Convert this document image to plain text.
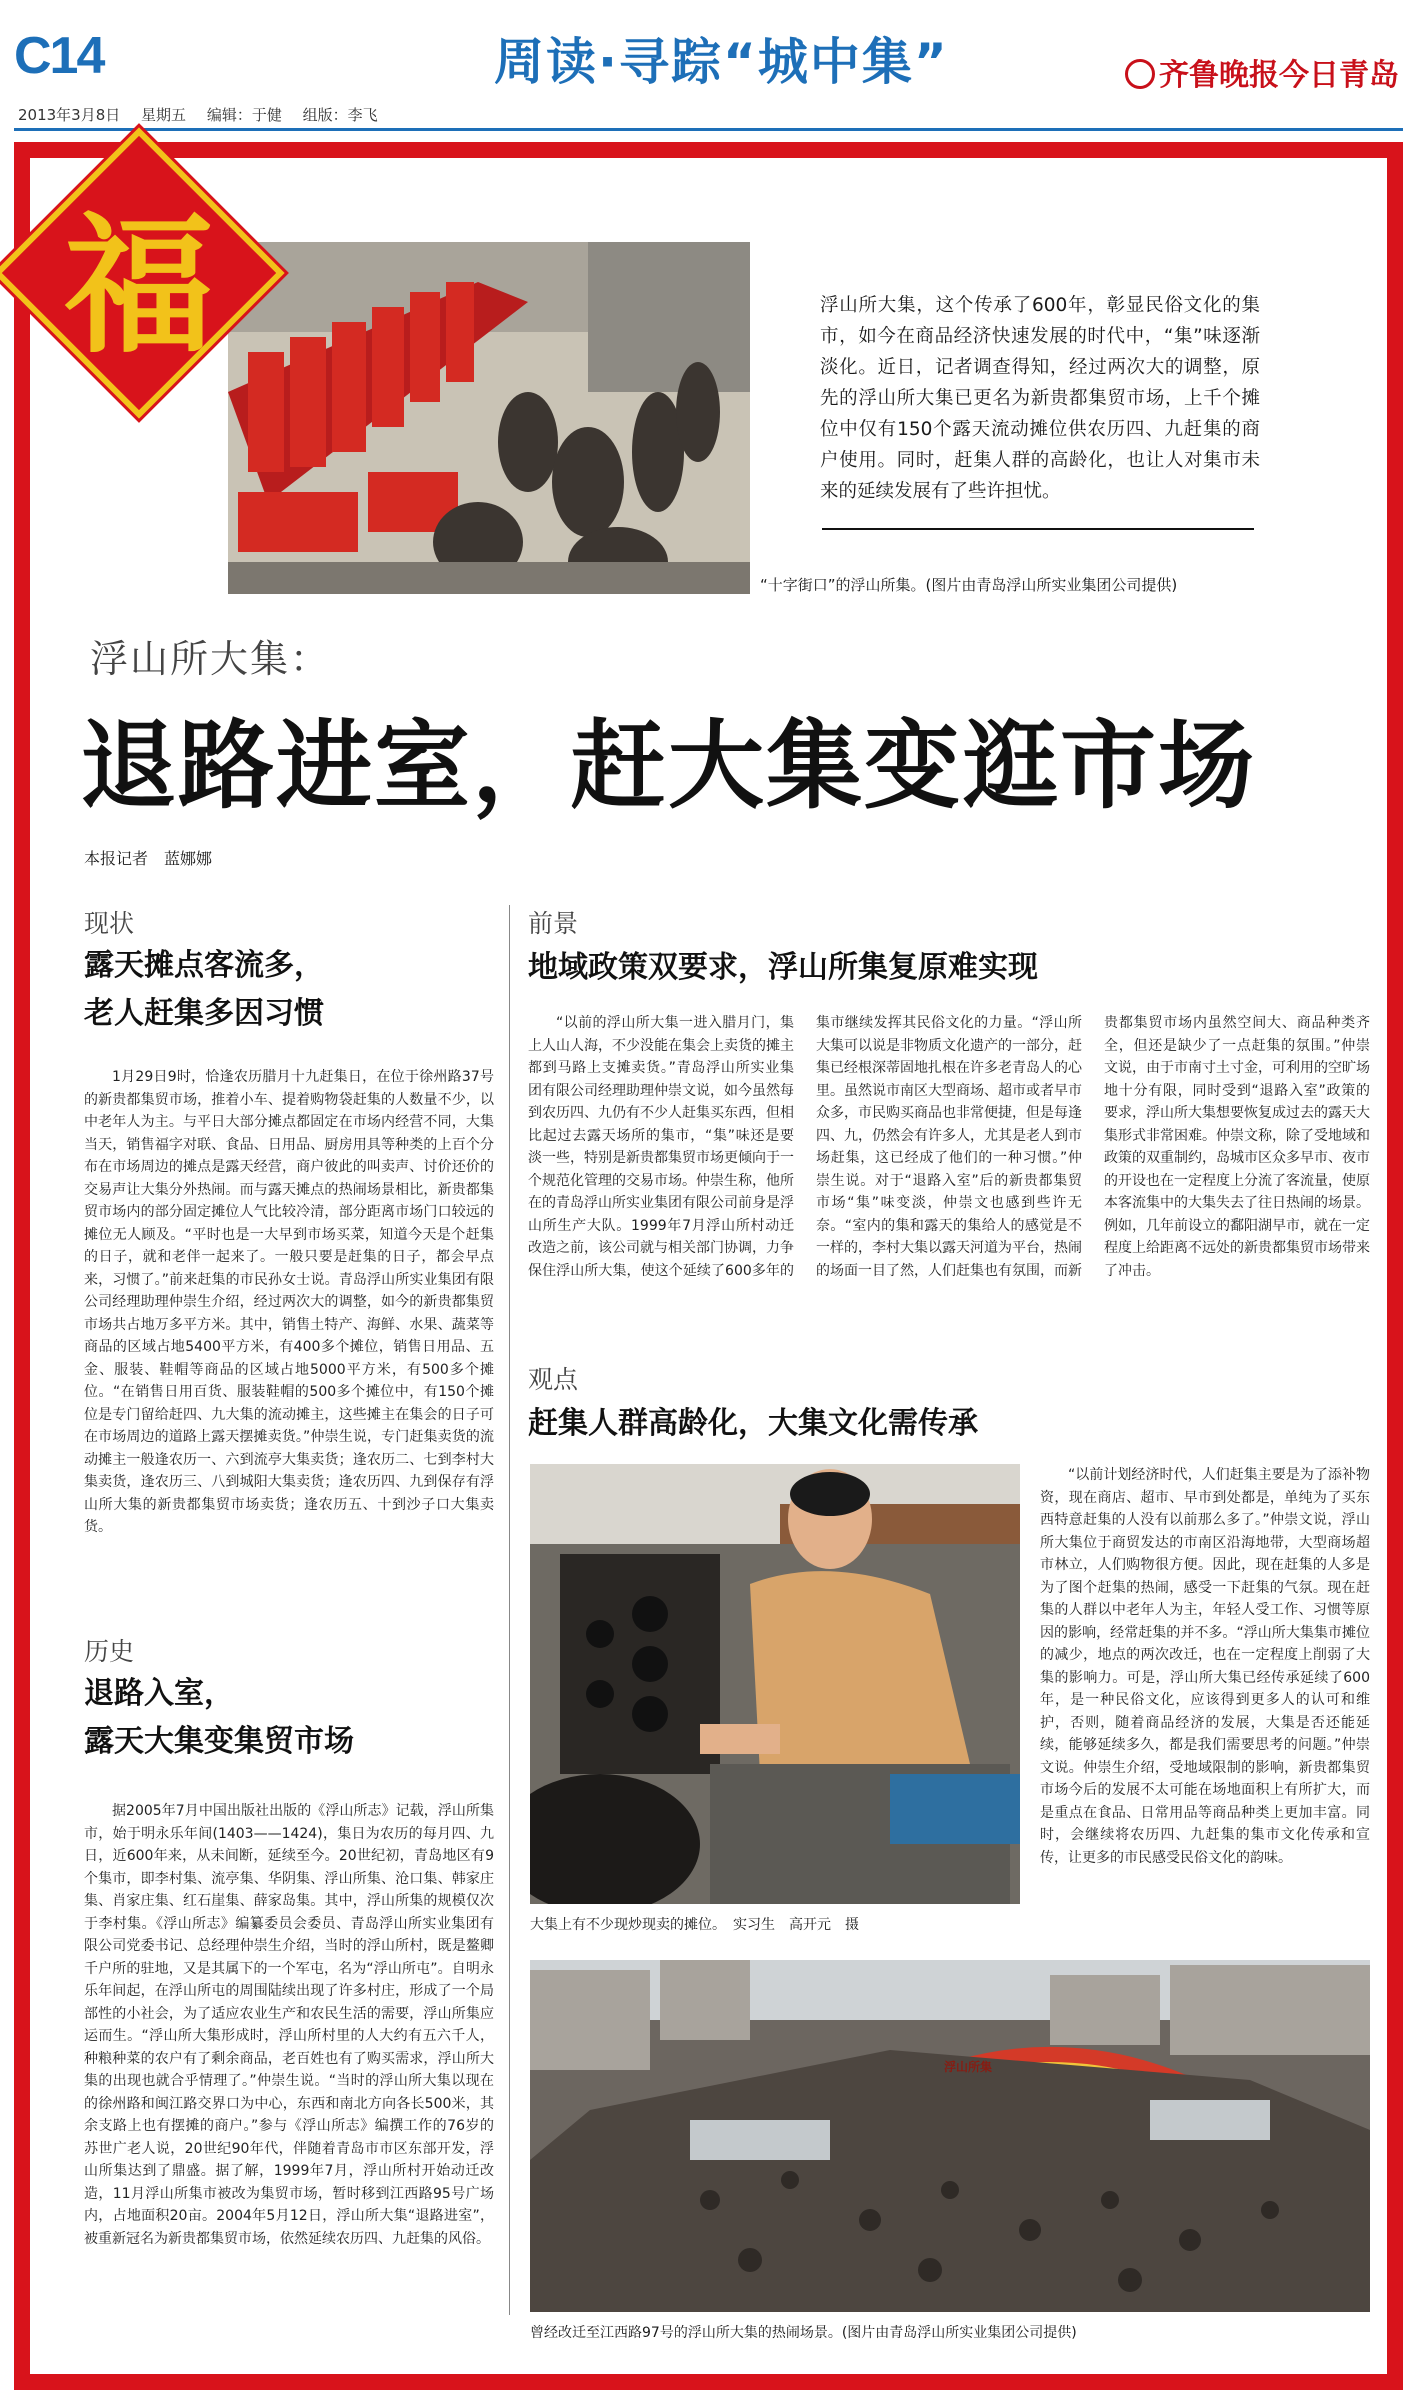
C14	周读·寻踪“城中集”	齐鲁晚报今日青岛
2013年3月8日 星期五 编辑：于健 组版：李飞
福	浮山所大集，这个传承了600年，彰显民俗文化的集市，如今在商品经济快速发展的时代中，“集”味逐渐淡化。近日，记者调查得知，经过两次大的调整，原先的浮山所大集已更名为新贵都集贸市场，上千个摊位中仅有150个露天流动摊位供农历四、九赶集的商户使用。同时，赶集人群的高龄化，也让人对集市未来的延续发展有了些许担忧。
“十字街口”的浮山所集。(图片由青岛浮山所实业集团公司提供)
浮山所大集：
退路进室，赶大集变逛市场
本报记者　蓝娜娜
现状
露天摊点客流多，
老人赶集多因习惯

1月29日9时，恰逢农历腊月十九赶集日，在位于徐州路37号的新贵都集贸市场，推着小车、提着购物袋赶集的人数量不少，以中老年人为主。与平日大部分摊点都固定在市场内经营不同，大集当天，销售福字对联、食品、日用品、厨房用具等种类的上百个分布在市场周边的摊点是露天经营，商户彼此的叫卖声、讨价还价的交易声让大集分外热闹。而与露天摊点的热闹场景相比，新贵都集贸市场内的部分固定摊位人气比较冷清，部分距离市场门口较远的摊位无人顾及。“平时也是一大早到市场买菜，知道今天是个赶集的日子，就和老伴一起来了。一般只要是赶集的日子，都会早点来，习惯了。”前来赶集的市民孙女士说。青岛浮山所实业集团有限公司经理助理仲崇生介绍，经过两次大的调整，如今的新贵都集贸市场共占地万多平方米。其中，销售土特产、海鲜、水果、蔬菜等商品的区域占地5400平方米，有400多个摊位，销售日用品、五金、服装、鞋帽等商品的区域占地5000平方米，有500多个摊位。“在销售日用百货、服装鞋帽的500多个摊位中，有150个摊位是专门留给赶四、九大集的流动摊主，这些摊主在集会的日子可在市场周边的道路上露天摆摊卖货。”仲崇生说，专门赶集卖货的流动摊主一般逢农历一、六到流亭大集卖货；逢农历二、七到李村大集卖货，逢农历三、八到城阳大集卖货；逢农历四、九到保存有浮山所大集的新贵都集贸市场卖货；逢农历五、十到沙子口大集卖货。

历史
退路入室，
露天大集变集贸市场

据2005年7月中国出版社出版的《浮山所志》记载，浮山所集市，始于明永乐年间(1403——1424)，集日为农历的每月四、九日，近600年来，从未间断，延续至今。20世纪初，青岛地区有9个集市，即李村集、流亭集、华阴集、浮山所集、沧口集、韩家庄集、肖家庄集、红石崖集、薛家岛集。其中，浮山所集的规模仅次于李村集。《浮山所志》编纂委员会委员、青岛浮山所实业集团有限公司党委书记、总经理仲崇生介绍，当时的浮山所村，既是鳌卿千户所的驻地，又是其属下的一个军屯，名为“浮山所屯”。自明永乐年间起，在浮山所屯的周围陆续出现了许多村庄，形成了一个局部性的小社会，为了适应农业生产和农民生活的需要，浮山所集应运而生。“浮山所大集形成时，浮山所村里的人大约有五六千人，种粮种菜的农户有了剩余商品，老百姓也有了购买需求，浮山所大集的出现也就合乎情理了。”仲崇生说。“当时的浮山所大集以现在的徐州路和闽江路交界口为中心，东西和南北方向各长500米，其余支路上也有摆摊的商户。”参与《浮山所志》编撰工作的76岁的苏世广老人说，20世纪90年代，伴随着青岛市市区东部开发，浮山所集达到了鼎盛。据了解，1999年7月，浮山所村开始动迁改造，11月浮山所集市被改为集贸市场，暂时移到江西路95号广场内，占地面积20亩。2004年5月12日，浮山所大集“退路进室”，被重新冠名为新贵都集贸市场，依然延续农历四、九赶集的风俗。

前景
地域政策双要求，浮山所集复原难实现

“以前的浮山所大集一进入腊月门，集上人山人海，不少没能在集会上卖货的摊主都到马路上支摊卖货。”青岛浮山所实业集团有限公司经理助理仲崇文说，如今虽然每到农历四、九仍有不少人赶集买东西，但相比起过去露天场所的集市，“集”味还是要淡一些，特别是新贵都集贸市场更倾向于一个规范化管理的交易市场。仲崇生称，他所在的青岛浮山所实业集团有限公司前身是浮山所生产大队。1999年7月浮山所村动迁改造之前，该公司就与相关部门协调，力争保住浮山所大集，使这个延续了600多年的集市继续发挥其民俗文化的力量。“浮山所大集可以说是非物质文化遗产的一部分，赶集已经根深蒂固地扎根在许多老青岛人的心里。虽然说市南区大型商场、超市或者早市众多，市民购买商品也非常便捷，但是每逢四、九，仍然会有许多人，尤其是老人到市场赶集，这已经成了他们的一种习惯。”仲崇生说。对于“退路入室”后的新贵都集贸市场“集”味变淡，仲崇文也感到些许无奈。“室内的集和露天的集给人的感觉是不一样的，李村大集以露天河道为平台，热闹的场面一目了然，人们赶集也有氛围，而新贵都集贸市场内虽然空间大、商品种类齐全，但还是缺少了一点赶集的氛围。”仲崇文说，由于市南寸土寸金，可利用的空旷场地十分有限，同时受到“退路入室”政策的要求，浮山所大集想要恢复成过去的露天大集形式非常困难。仲崇文称，除了受地域和政策的双重制约，岛城市区众多早市、夜市的开设也在一定程度上分流了客流量，使原本客流集中的大集失去了往日热闹的场景。例如，几年前设立的鄱阳湖早市，就在一定程度上给距离不远处的新贵都集贸市场带来了冲击。

观点
赶集人群高龄化，大集文化需传承
大集上有不少现炒现卖的摊位。　实习生　高开元　摄

“以前计划经济时代，人们赶集主要是为了添补物资，现在商店、超市、早市到处都是，单纯为了买东西特意赶集的人没有以前那么多了。”仲崇文说，浮山所大集位于商贸发达的市南区沿海地带，大型商场超市林立，人们购物很方便。因此，现在赶集的人多是为了图个赶集的热闹，感受一下赶集的气氛。现在赶集的人群以中老年人为主，年轻人受工作、习惯等原因的影响，经常赶集的并不多。“浮山所大集集市摊位的减少，地点的两次改迁，也在一定程度上削弱了大集的影响力。可是，浮山所大集已经传承延续了600年，是一种民俗文化，应该得到更多人的认可和维护，否则，随着商品经济的发展，大集是否还能延续，能够延续多久，都是我们需要思考的问题。”仲崇文说。仲崇生介绍，受地域限制的影响，新贵都集贸市场今后的发展不太可能在场地面积上有所扩大，而是重点在食品、日常用品等商品种类上更加丰富。同时，会继续将农历四、九赶集的集市文化传承和宣传，让更多的市民感受民俗文化的韵味。

浮山所集
曾经改迁至江西路97号的浮山所大集的热闹场景。(图片由青岛浮山所实业集团公司提供)
